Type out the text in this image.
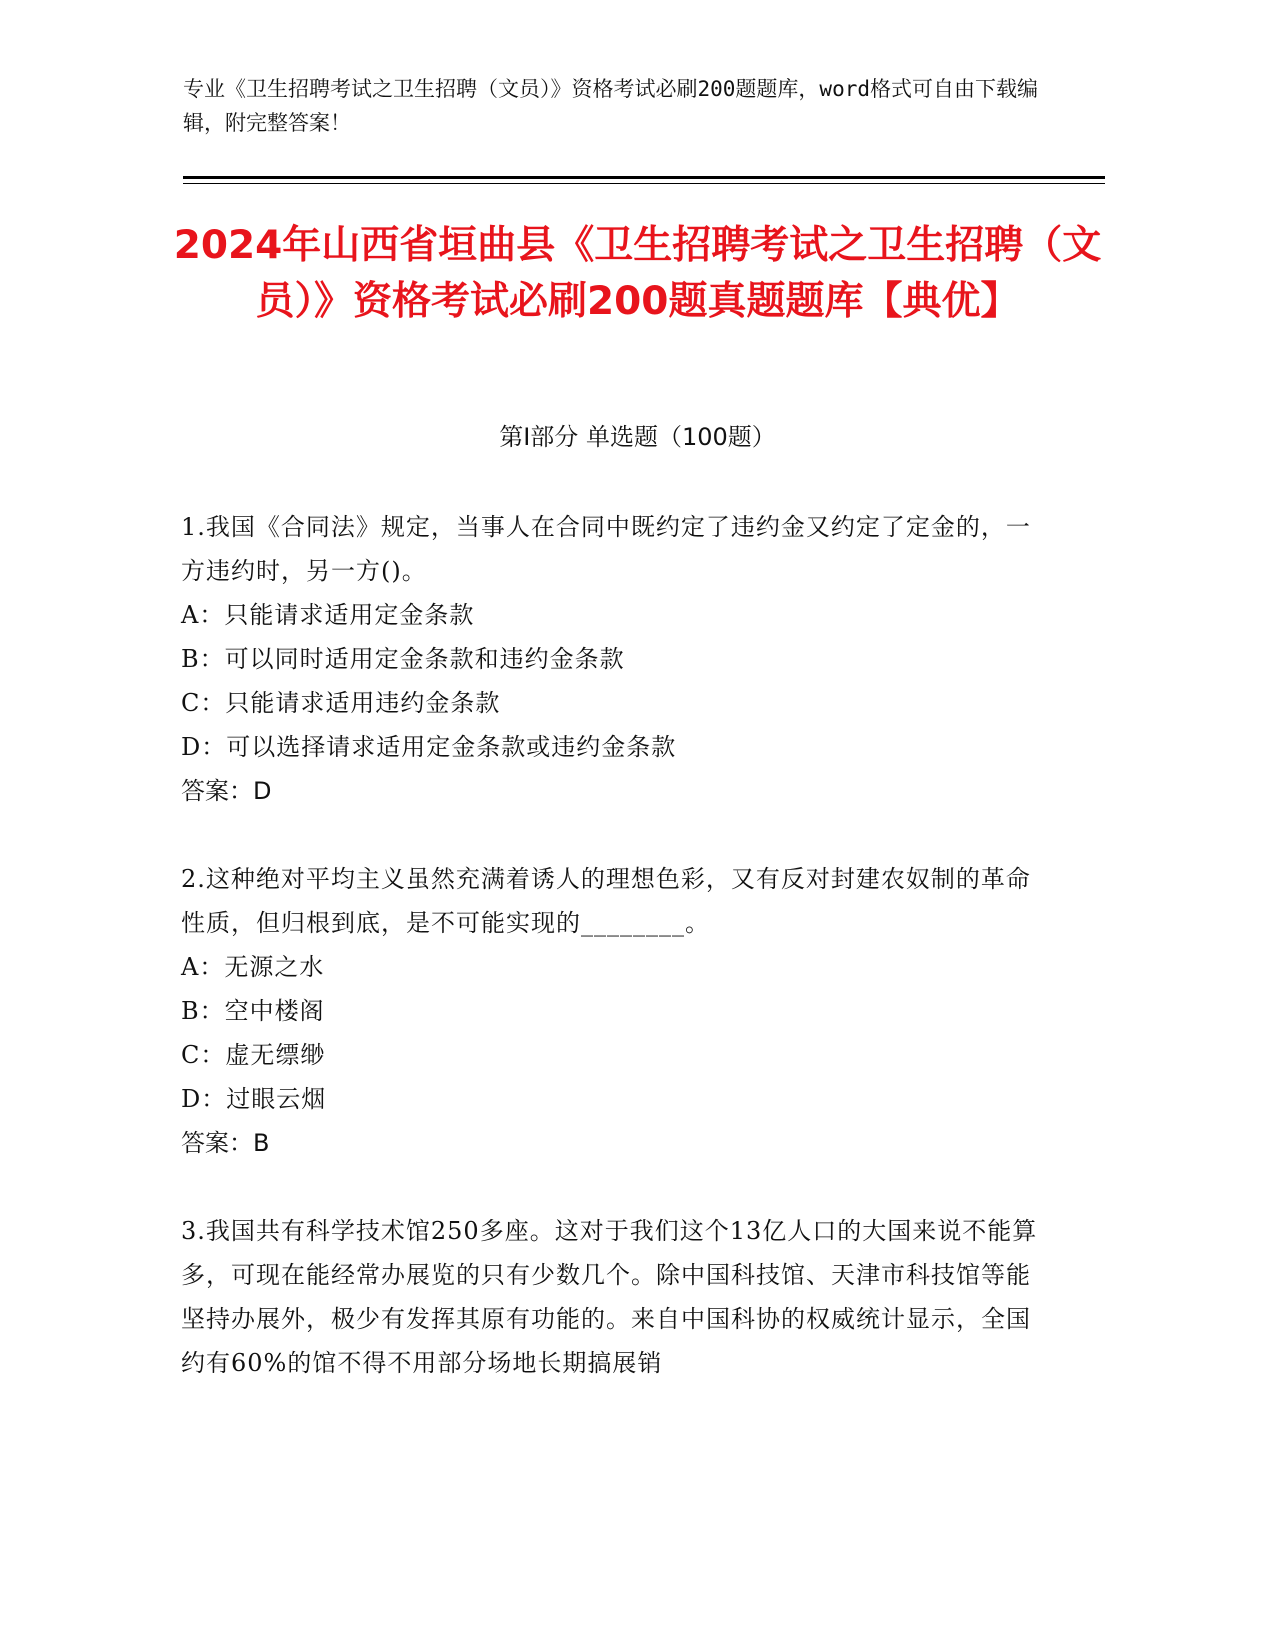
专业《卫生招聘考试之卫生招聘（文员）》资格考试必刷200题题库，word格式可自由下载编辑，附完整答案！
2024年山西省垣曲县《卫生招聘考试之卫生招聘（文员）》资格考试必刷200题真题题库【典优】
第I部分 单选题（100题）
1.我国《合同法》规定，当事人在合同中既约定了违约金又约定了定金的，一方违约时，另一方()。
A：只能请求适用定金条款
B：可以同时适用定金条款和违约金条款
C：只能请求适用违约金条款
D：可以选择请求适用定金条款或违约金条款
答案：D
2.这种绝对平均主义虽然充满着诱人的理想色彩，又有反对封建农奴制的革命性质，但归根到底，是不可能实现的________。
A：无源之水
B：空中楼阁
C：虚无缥缈
D：过眼云烟
答案：B
3.我国共有科学技术馆250多座。这对于我们这个13亿人口的大国来说不能算多，可现在能经常办展览的只有少数几个。除中国科技馆、天津市科技馆等能坚持办展外，极少有发挥其原有功能的。来自中国科协的权威统计显示，全国约有60%的馆不得不用部分场地长期搞展销
